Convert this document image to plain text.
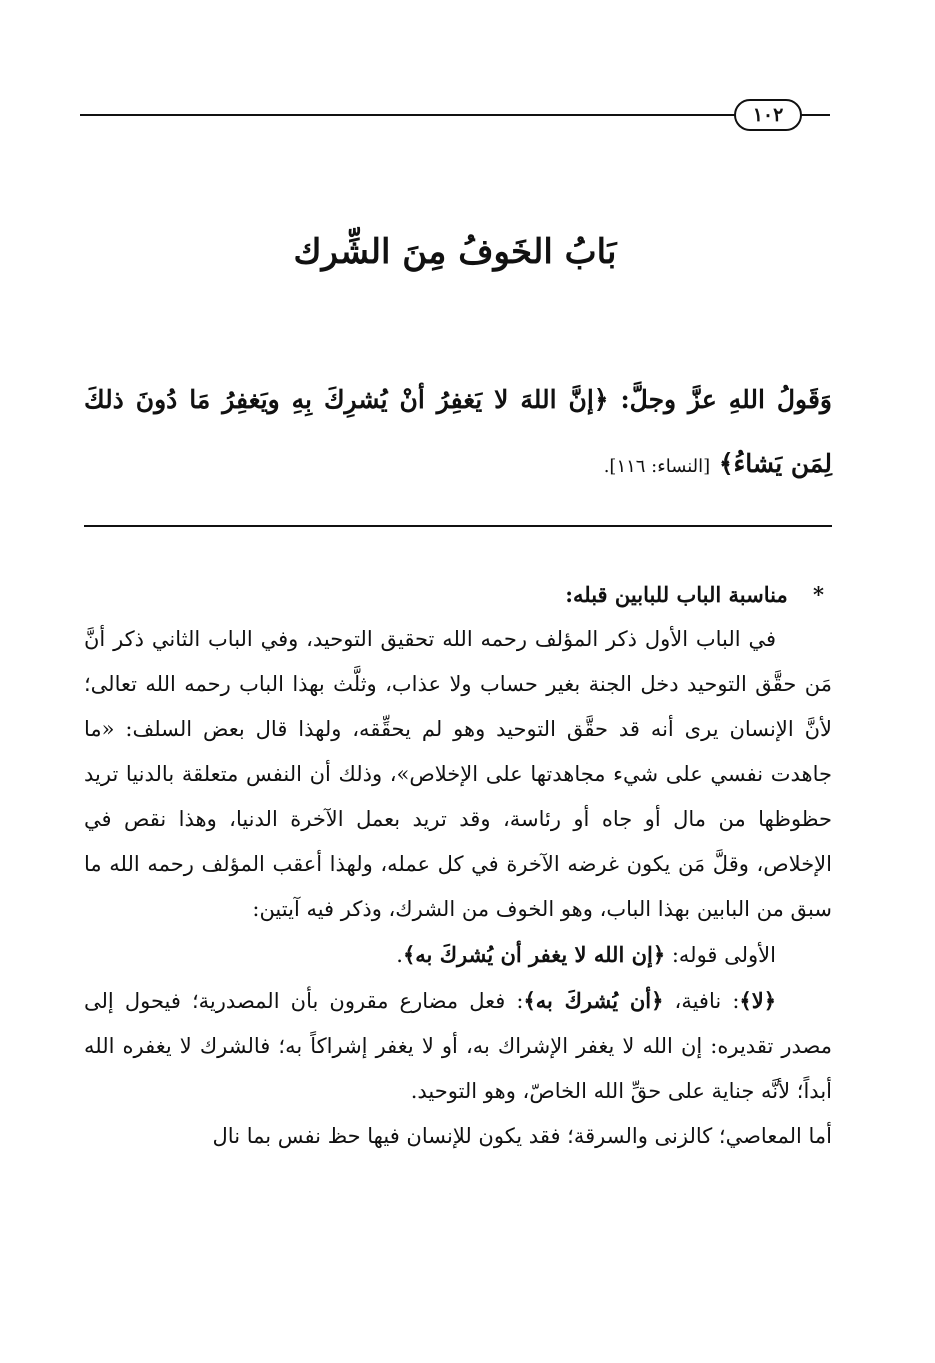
١٠٢
بَابُ الخَوفُ مِنَ الشِّرك
وَقَولُ اللهِ عزَّ وجلَّ: ﴿إنَّ اللهَ لا يَغفِرُ أنْ يُشرِكَ بِهِ ويَغفِرُ مَا دُونَ ذلكَ لِمَن يَشاءُ﴾ [النساء: ١١٦].

* مناسبة الباب للبابين قبله:

في الباب الأول ذكر المؤلف رحمه الله تحقيق التوحيد، وفي الباب الثاني ذكر أنَّ مَن حقَّق التوحيد دخل الجنة بغير حساب ولا عذاب، وثلَّث بهذا الباب رحمه الله تعالى؛ لأنَّ الإنسان يرى أنه قد حقَّق التوحيد وهو لم يحقِّقه، ولهذا قال بعض السلف: «ما جاهدت نفسي على شيء مجاهدتها على الإخلاص»، وذلك أن النفس متعلقة بالدنيا تريد حظوظها من مال أو جاه أو رئاسة، وقد تريد بعمل الآخرة الدنيا، وهذا نقص في الإخلاص، وقلَّ مَن يكون غرضه الآخرة في كل عمله، ولهذا أعقب المؤلف رحمه الله ما سبق من البابين بهذا الباب، وهو الخوف من الشرك، وذكر فيه آيتين:

الأولى قوله: ﴿إن الله لا يغفر أن يُشركَ به﴾.

﴿لا﴾: نافية، ﴿أن يُشركَ به﴾: فعل مضارع مقرون بأن المصدرية؛ فيحول إلى مصدر تقديره: إن الله لا يغفر الإشراك به، أو لا يغفر إشراكاً به؛ فالشرك لا يغفره الله أبداً؛ لأنَّه جناية على حقِّ الله الخاصّ، وهو التوحيد.

أما المعاصي؛ كالزنى والسرقة؛ فقد يكون للإنسان فيها حظ نفس بما نال
